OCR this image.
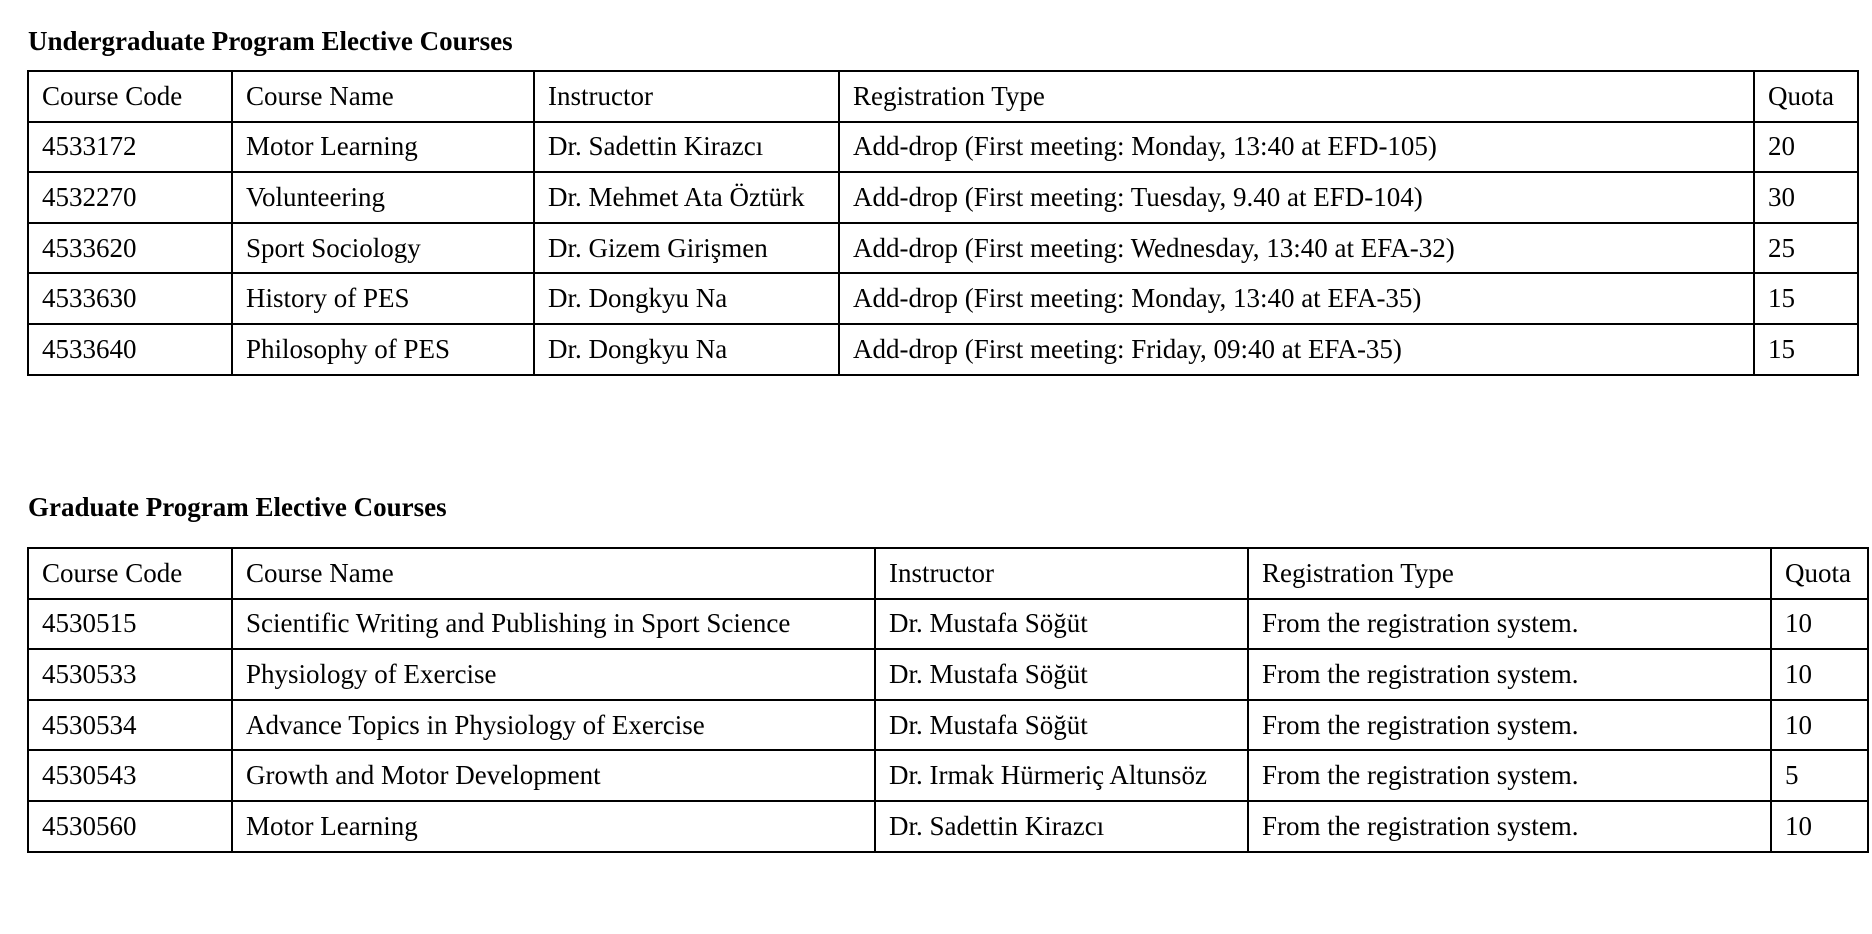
Undergraduate Program Elective Courses
Course Code	Course Name	Instructor	Registration Type	Quota
4533172	Motor Learning	Dr. Sadettin Kirazcı	Add-drop (First meeting: Monday, 13:40 at EFD-105)	20
4532270	Volunteering	Dr. Mehmet Ata Öztürk	Add-drop (First meeting: Tuesday, 9.40 at EFD-104)	30
4533620	Sport Sociology	Dr. Gizem Girişmen	Add-drop (First meeting: Wednesday, 13:40 at EFA-32)	25
4533630	History of PES	Dr. Dongkyu Na	Add-drop (First meeting: Monday, 13:40 at EFA-35)	15
4533640	Philosophy of PES	Dr. Dongkyu Na	Add-drop (First meeting: Friday, 09:40 at EFA-35)	15
Graduate Program Elective Courses
Course Code	Course Name	Instructor	Registration Type	Quota
4530515	Scientific Writing and Publishing in Sport Science	Dr. Mustafa Söğüt	From the registration system.	10
4530533	Physiology of Exercise	Dr. Mustafa Söğüt	From the registration system.	10
4530534	Advance Topics in Physiology of Exercise	Dr. Mustafa Söğüt	From the registration system.	10
4530543	Growth and Motor Development	Dr. Irmak Hürmeriç Altunsöz	From the registration system.	5
4530560	Motor Learning	Dr. Sadettin Kirazcı	From the registration system.	10
